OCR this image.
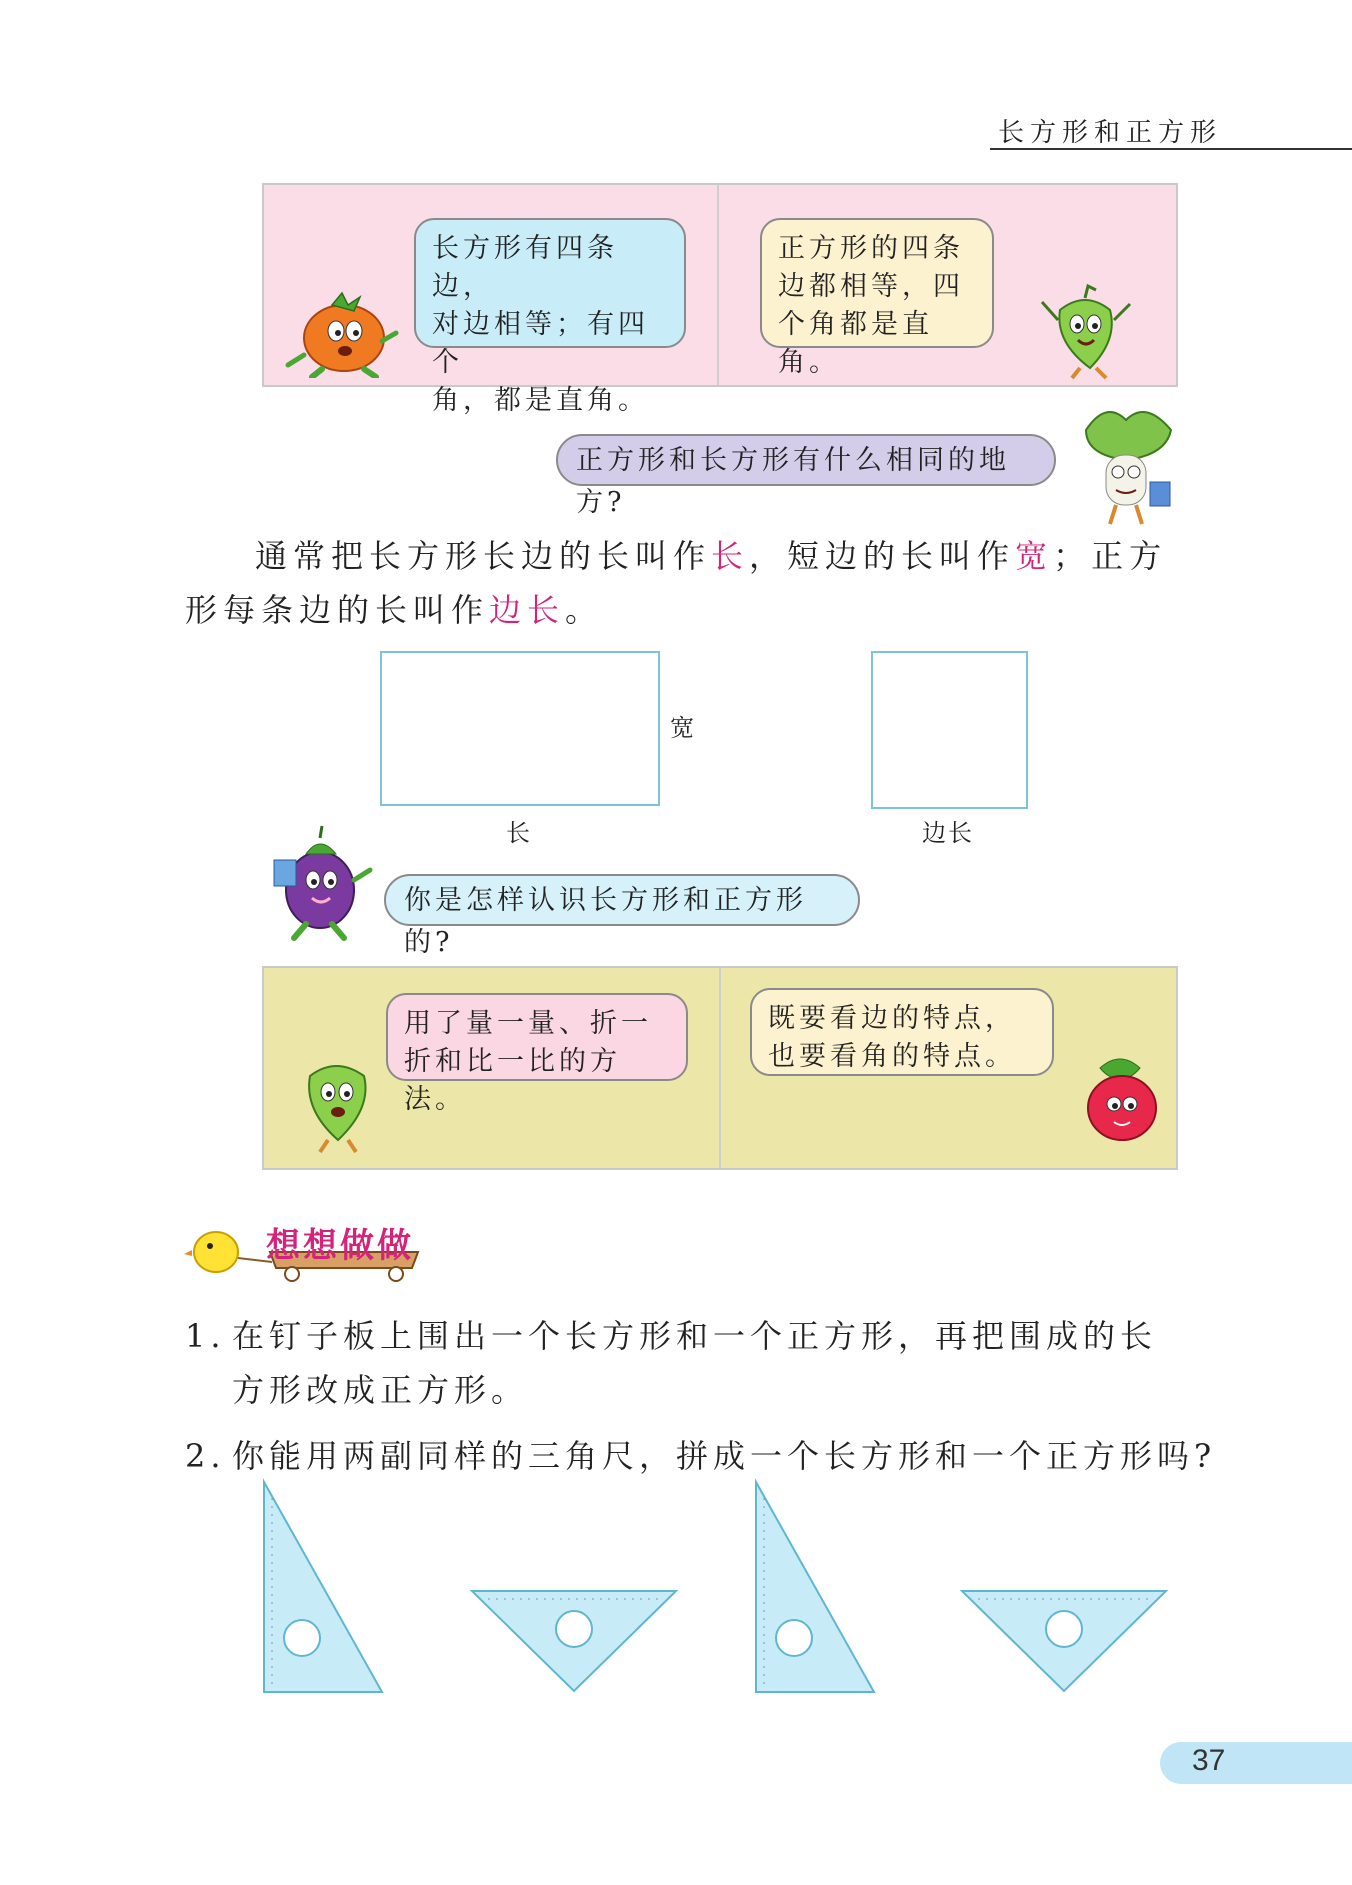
长方形和正方形
长方形有四条边，
对边相等；有四个
角，都是直角。
正方形的四条
边都相等，四
个角都是直角。
正方形和长方形有什么相同的地方?
通常把长方形长边的长叫作长，短边的长叫作宽；正方
形每条边的长叫作边长。
宽
长	边长
你是怎样认识长方形和正方形的?
用了量一量、折一
折和比一比的方法。
既要看边的特点，
也要看角的特点。
想想做做
1. 在钉子板上围出一个长方形和一个正方形，再把围成的长
方形改成正方形。
2. 你能用两副同样的三角尺，拼成一个长方形和一个正方形吗?
37
